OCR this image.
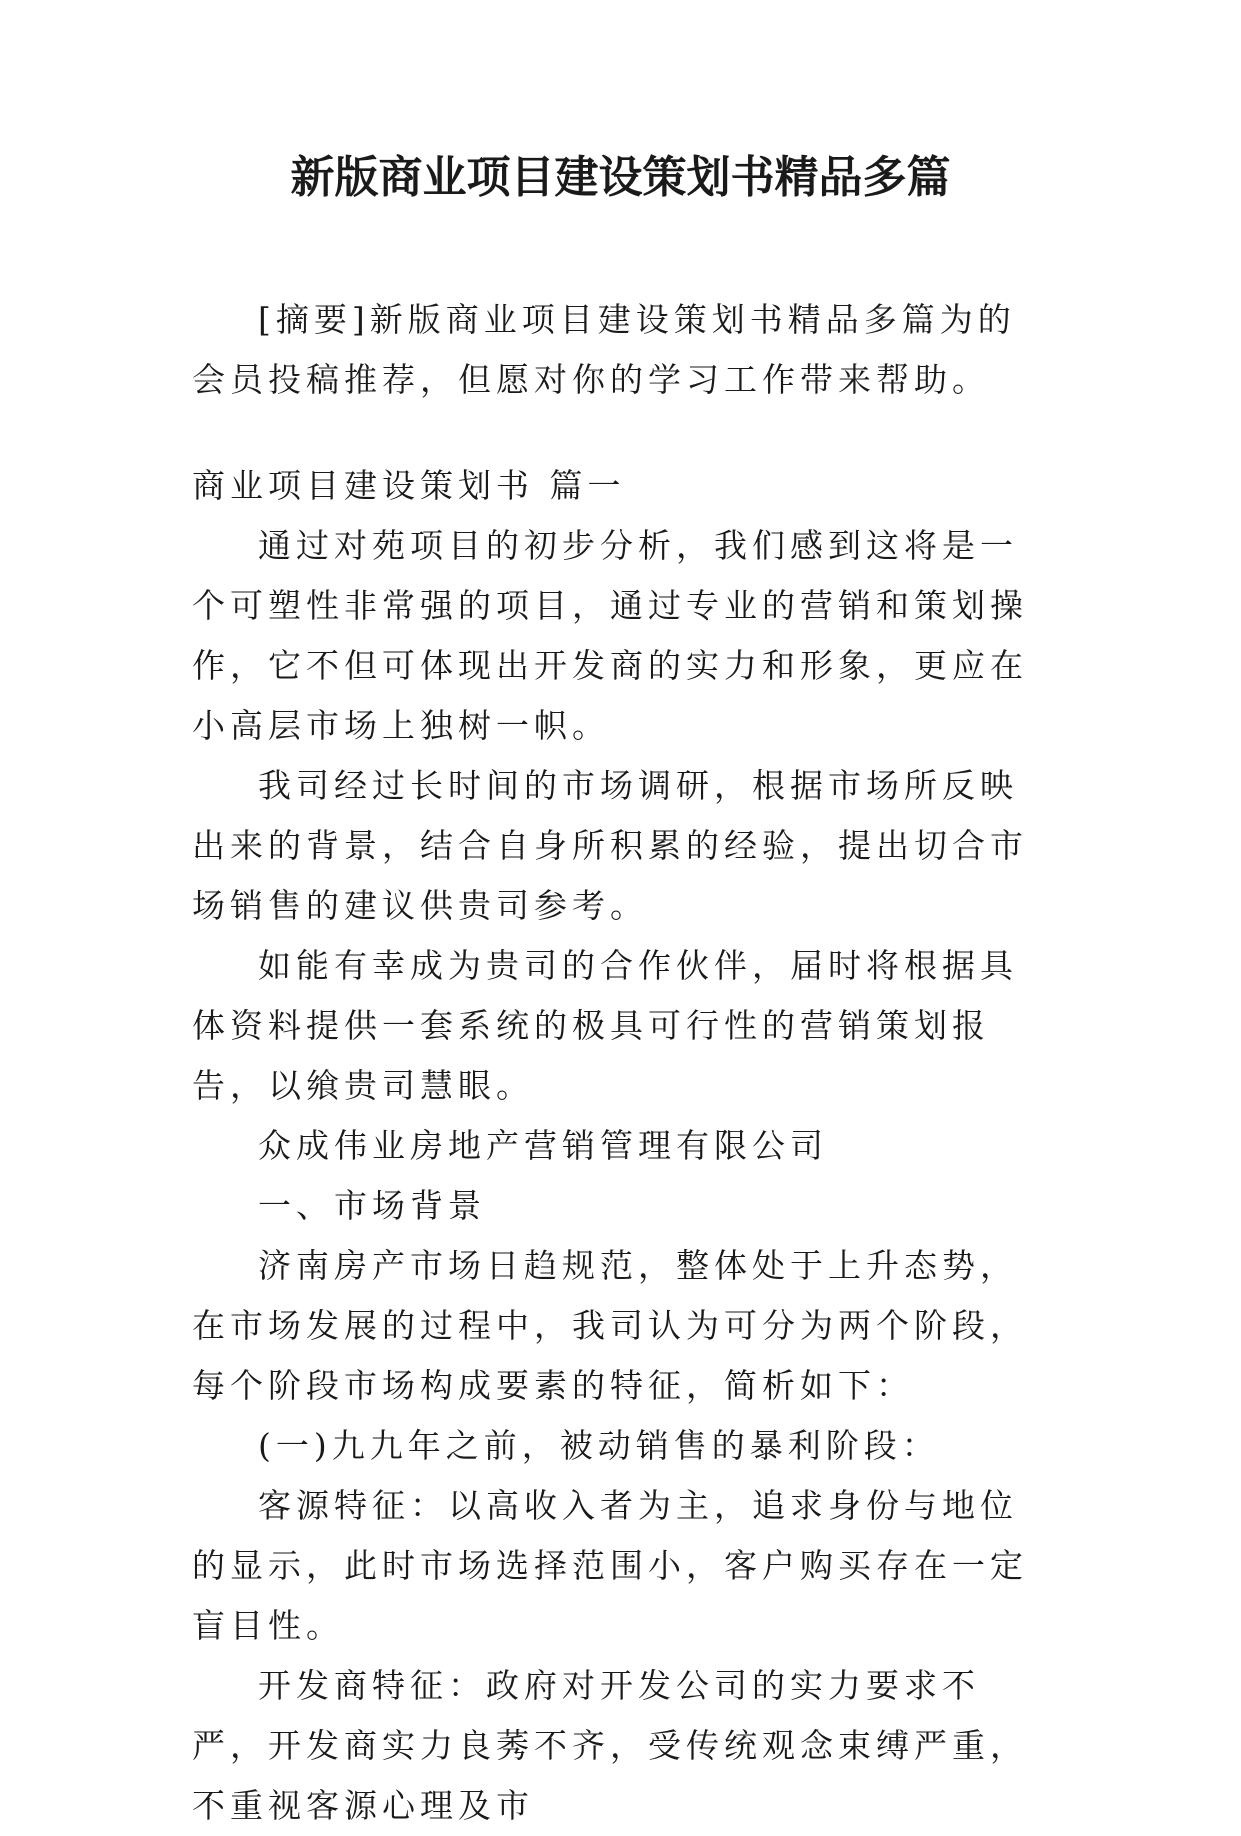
新版商业项目建设策划书精品多篇

[摘要]新版商业项目建设策划书精品多篇为的会员投稿推荐，但愿对你的学习工作带来帮助。

商业项目建设策划书 篇一

通过对苑项目的初步分析，我们感到这将是一个可塑性非常强的项目，通过专业的营销和策划操作，它不但可体现出开发商的实力和形象，更应在小高层市场上独树一帜。

我司经过长时间的市场调研，根据市场所反映出来的背景，结合自身所积累的经验，提出切合市场销售的建议供贵司参考。

如能有幸成为贵司的合作伙伴，届时将根据具体资料提供一套系统的极具可行性的营销策划报告，以飨贵司慧眼。

众成伟业房地产营销管理有限公司

一、市场背景

济南房产市场日趋规范，整体处于上升态势，在市场发展的过程中，我司认为可分为两个阶段，每个阶段市场构成要素的特征，简析如下：

(一)九九年之前，被动销售的暴利阶段：

客源特征：以高收入者为主，追求身份与地位的显示，此时市场选择范围小，客户购买存在一定盲目性。

开发商特征：政府对开发公司的实力要求不严，开发商实力良莠不齐，受传统观念束缚严重，不重视客源心理及市
